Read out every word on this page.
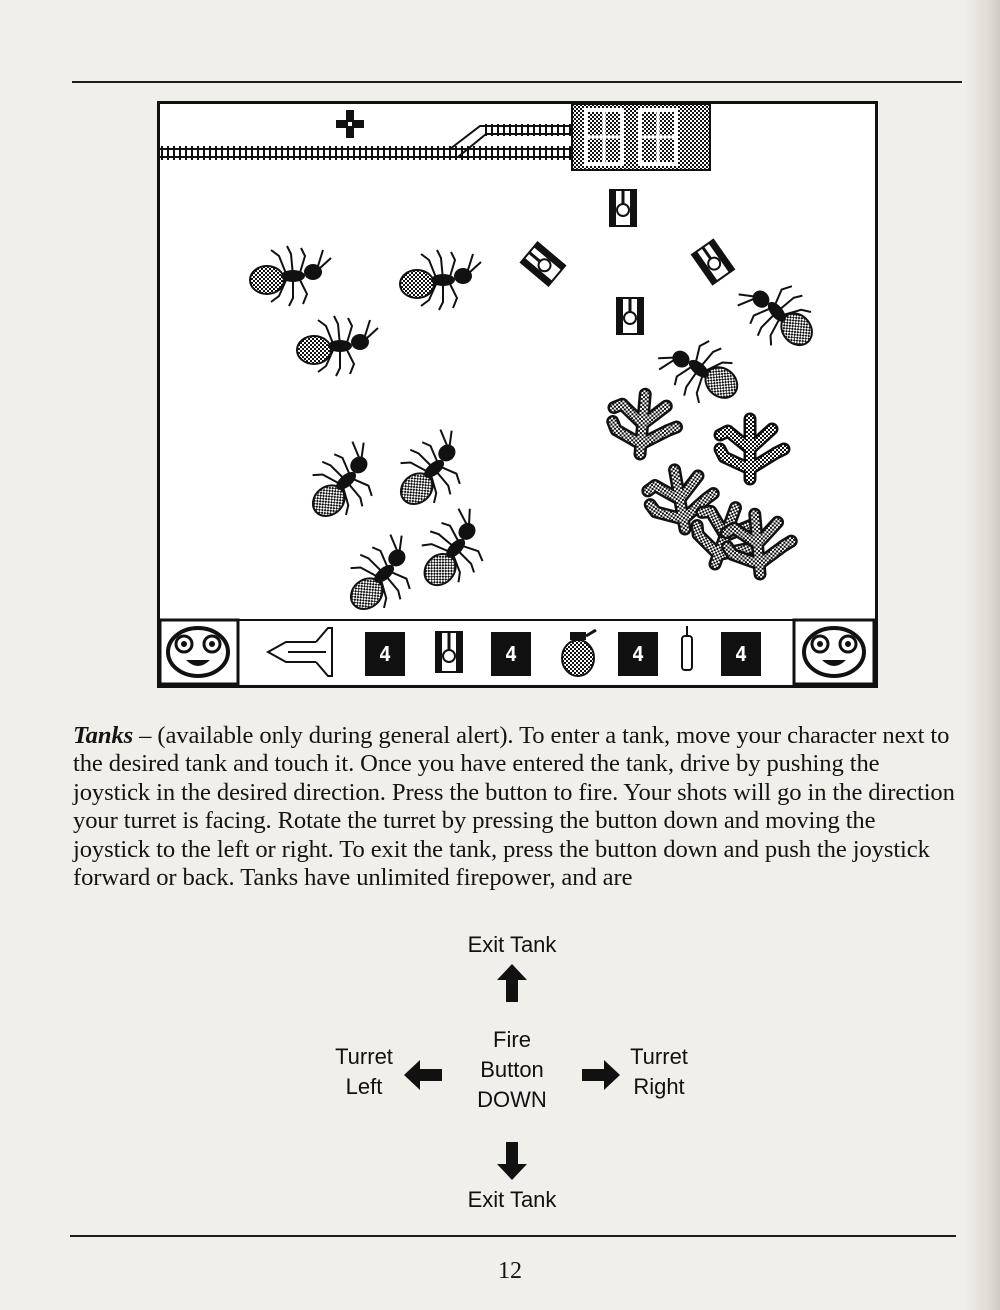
4	4	4	4

Tanks – (available only during general alert). To enter a tank, move your character next to the desired tank and touch it. Once you have entered the tank, drive by pushing the joystick in the desired direction. Press the button to fire. Your shots will go in the direction your turret is facing. Rotate the turret by pressing the button down and moving the joystick to the left or right. To exit the tank, press the button down and push the joystick forward or back. Tanks have unlimited firepower, and are

Exit Tank
Fire
Button
DOWN
Turret
Left
Turret
Right
Exit Tank
12
